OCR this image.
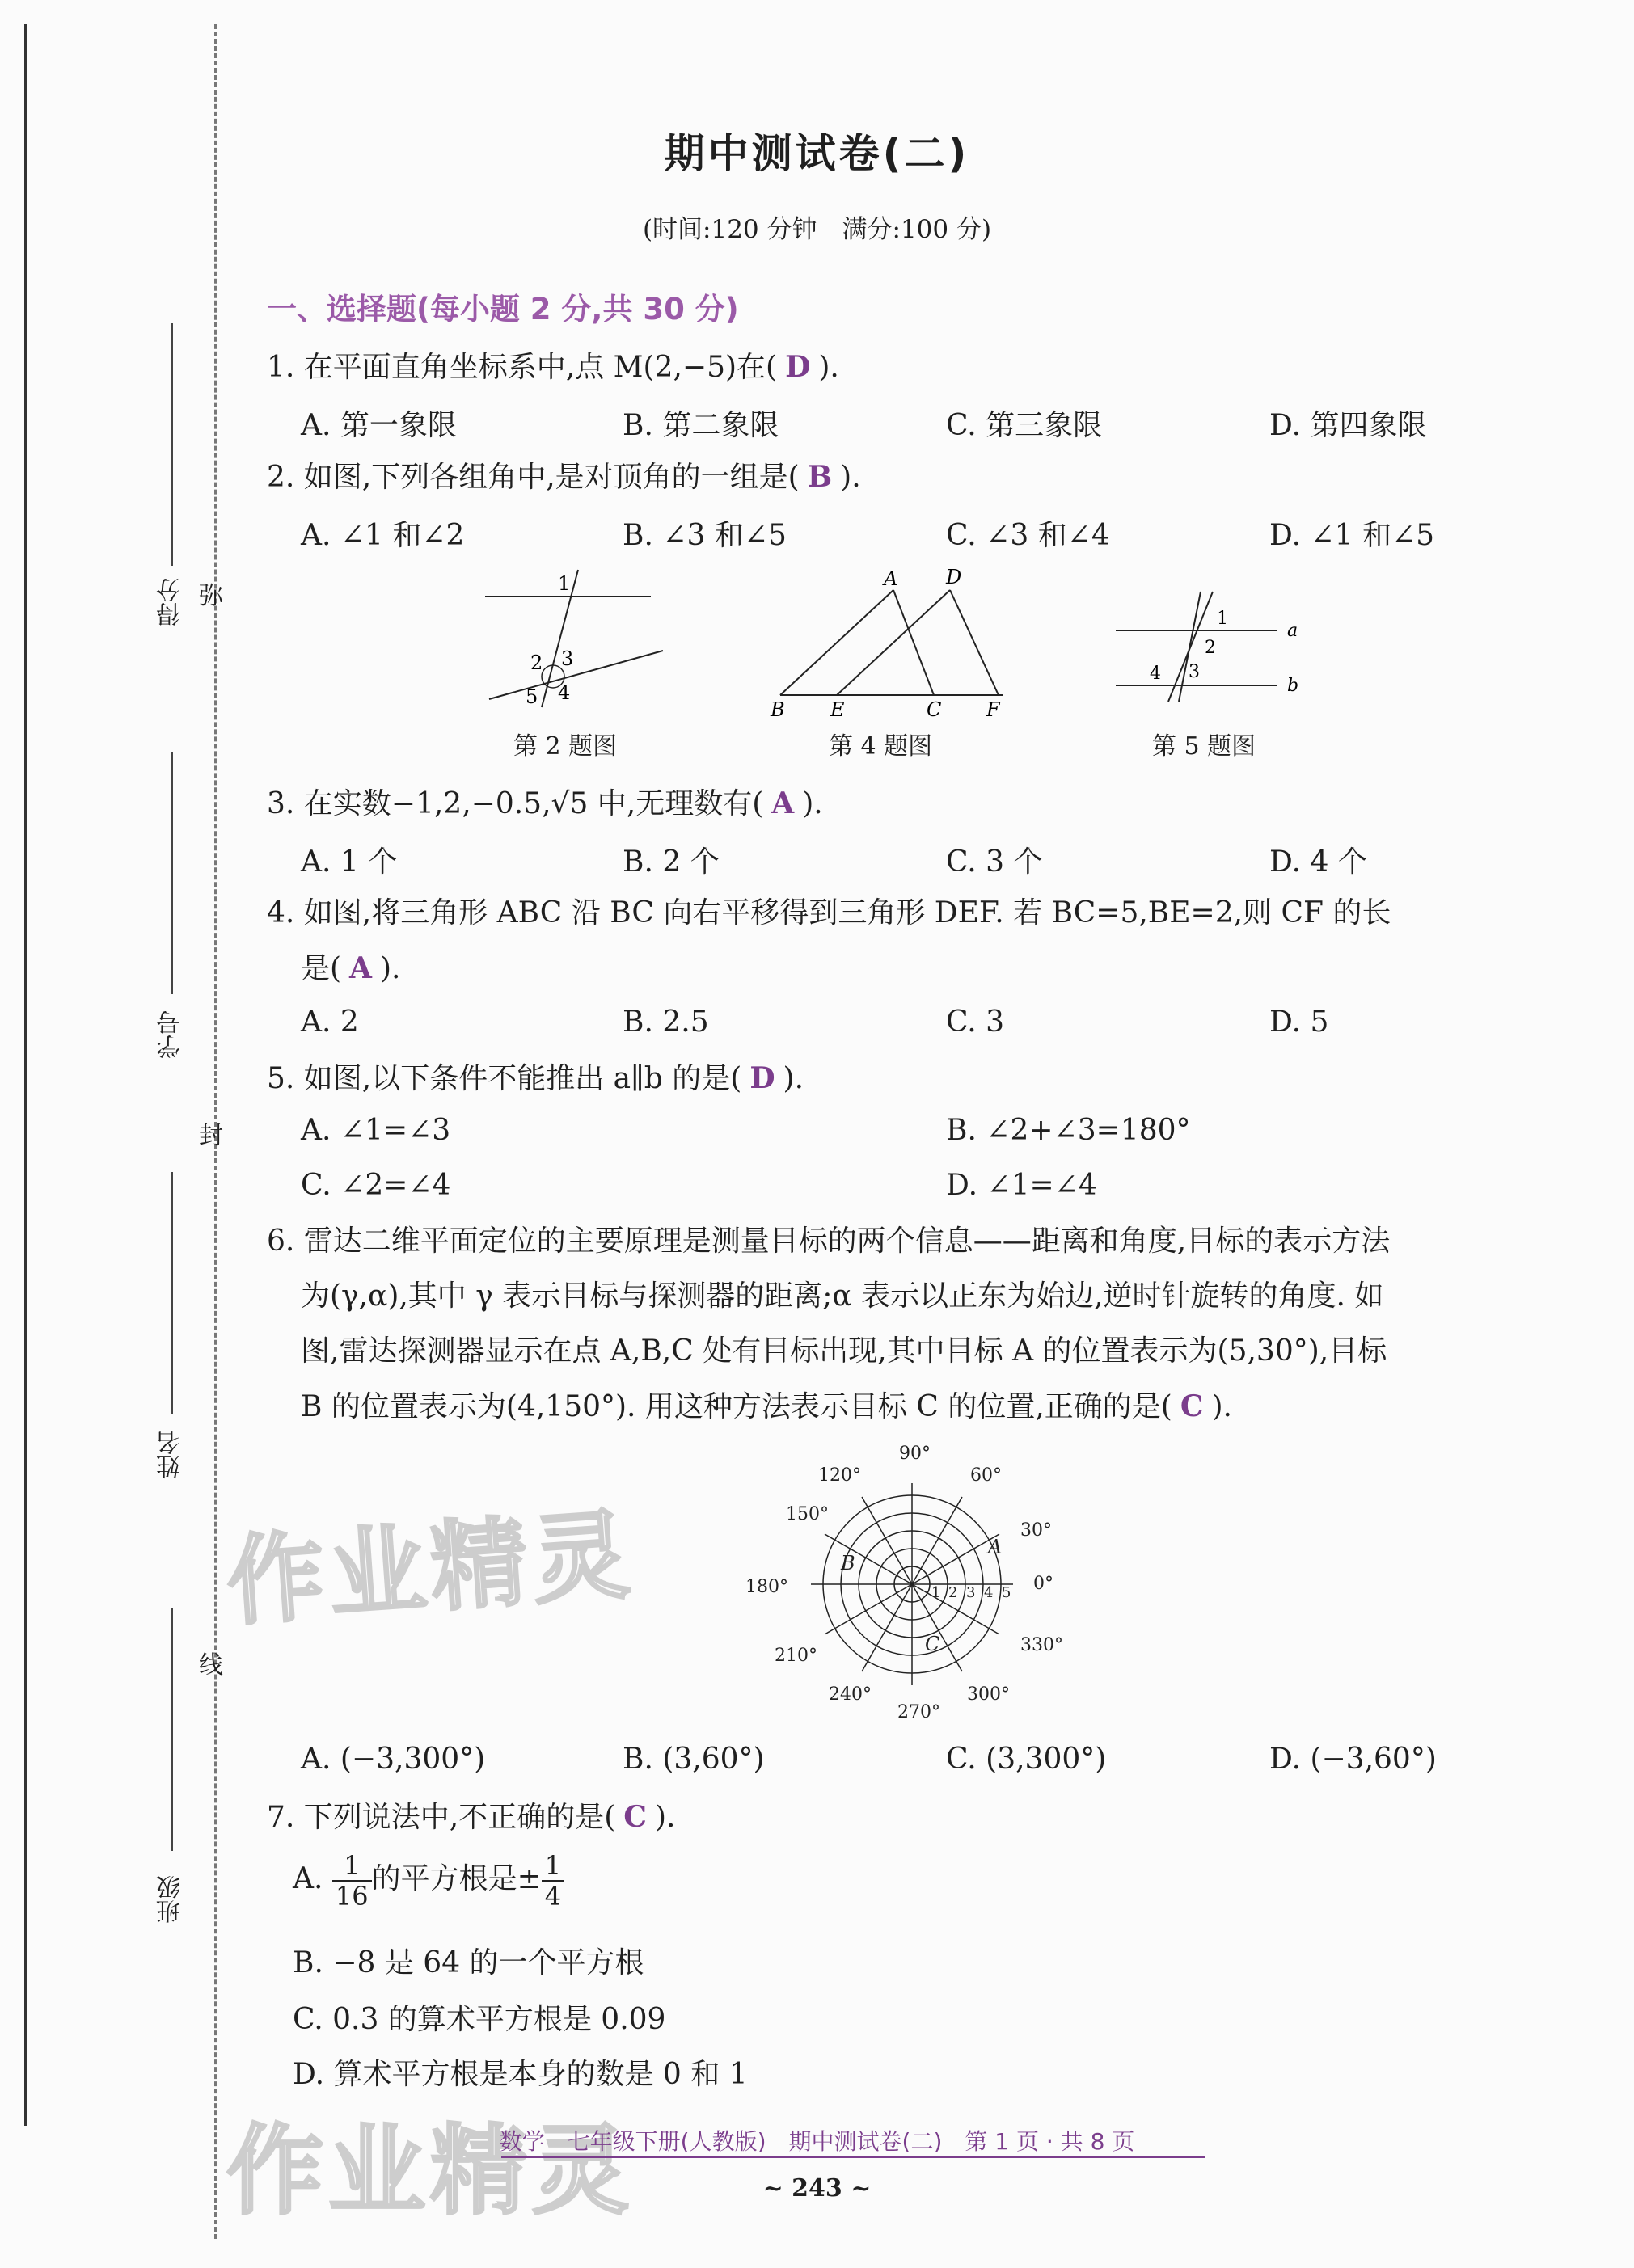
得分
学号
姓名
班级
弥
封
线
期中测试卷(二)
(时间:120 分钟　满分:100 分)
一、选择题(每小题 2 分,共 30 分)
1. 在平面直角坐标系中,点 M(2,−5)在( D ).
A. 第一象限	B. 第二象限	C. 第三象限	D. 第四象限
2. 如图,下列各组角中,是对顶角的一组是( B ).
A. ∠1 和∠2	B. ∠3 和∠5	C. ∠3 和∠4	D. ∠1 和∠5
1
2 3
5 4
第 2 题图
A D
B E	C F
第 4 题图
1
a
2
4 3
b
第 5 题图
3. 在实数−1,2,−0.5,√5 中,无理数有( A ).
A. 1 个	B. 2 个	C. 3 个	D. 4 个
4. 如图,将三角形 ABC 沿 BC 向右平移得到三角形 DEF. 若 BC=5,BE=2,则 CF 的长
是( A ).
A. 2	B. 2.5	C. 3	D. 5
5. 如图,以下条件不能推出 a∥b 的是( D ).
A. ∠1=∠3	B. ∠2+∠3=180°
C. ∠2=∠4	D. ∠1=∠4
6. 雷达二维平面定位的主要原理是测量目标的两个信息——距离和角度,目标的表示方法
为(γ,α),其中 γ 表示目标与探测器的距离;α 表示以正东为始边,逆时针旋转的角度. 如
图,雷达探测器显示在点 A,B,C 处有目标出现,其中目标 A 的位置表示为(5,30°),目标
B 的位置表示为(4,150°). 用这种方法表示目标 C 的位置,正确的是( C ).
90°
60°
120°
30°
150°
0°
180°
330°
210°
240°	300°
270°
1 2 3 4 5
A
B
C
A. (−3,300°)	B. (3,60°)	C. (3,300°)	D. (−3,60°)
7. 下列说法中,不正确的是( C ).
A. $\frac{1}{16}$ 的平方根是± $\frac{1}{4}$
B. −8 是 64 的一个平方根
C. 0.3 的算术平方根是 0.09
D. 算术平方根是本身的数是 0 和 1
作业精灵
作业精灵
数学　七年级下册(人教版)　期中测试卷(二)　第 1 页 · 共 8 页
~ 243 ~
